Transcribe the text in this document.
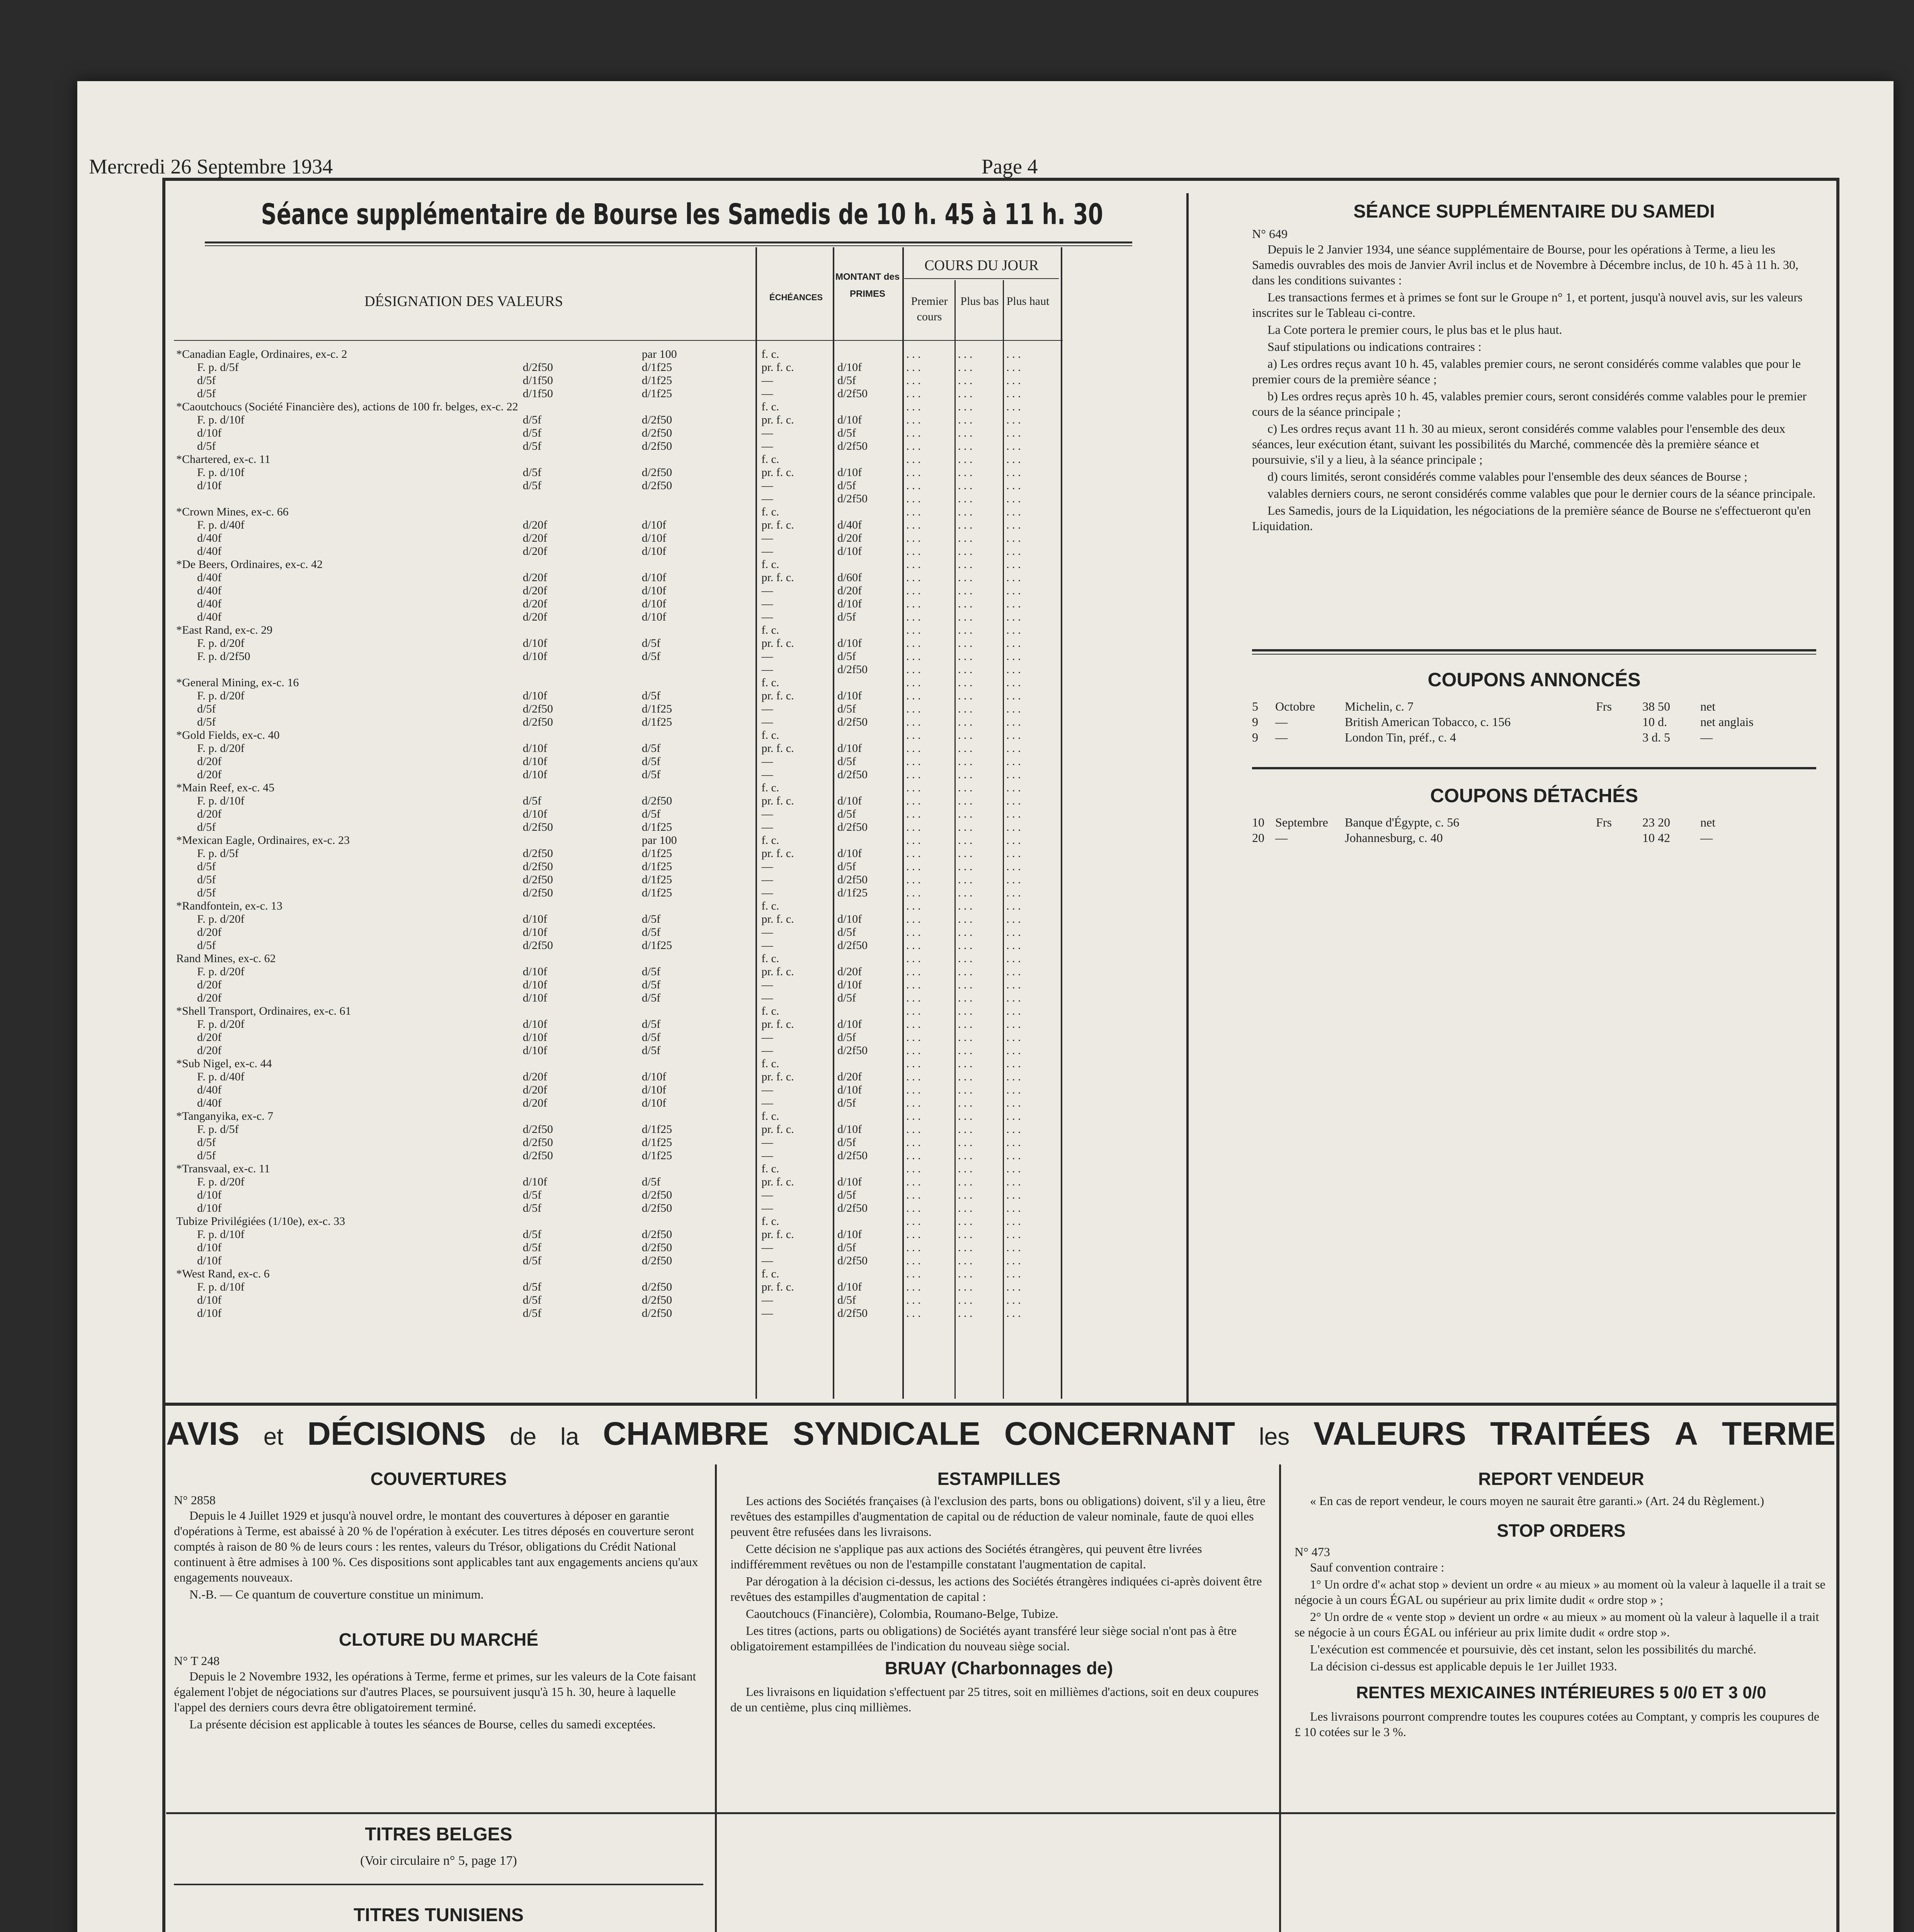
Mercredi 26 Septembre 1934	Page 4
Séance supplémentaire de Bourse les Samedis de 10 h. 45 à 11 h. 30
DÉSIGNATION DES VALEURS	ÉCHÉANCES
MONTANT des PRIMES
COURS DU JOUR
Premier cours
Plus bas Plus haut
*Canadian Eagle, Ordinaires, ex-c. 2		par 100	f. c.		. . .	. . .	. . .
F. p. d/5f	d/2f50	d/1f25	pr. f. c.	d/10f	. . .	. . .	. . .
d/5f	d/1f50	d/1f25	—	d/5f	. . .	. . .	. . .
d/5f	d/1f50	d/1f25	—	d/2f50	. . .	. . .	. . .
*Caoutchoucs (Société Financière des), actions de 100 fr. belges, ex-c. 22			f. c.		. . .	. . .	. . .
F. p. d/10f	d/5f	d/2f50	pr. f. c.	d/10f	. . .	. . .	. . .
d/10f	d/5f	d/2f50	—	d/5f	. . .	. . .	. . .
d/5f	d/5f	d/2f50	—	d/2f50	. . .	. . .	. . .
*Chartered, ex-c. 11			f. c.		. . .	. . .	. . .
F. p. d/10f	d/5f	d/2f50	pr. f. c.	d/10f	. . .	. . .	. . .
d/10f	d/5f	d/2f50	—	d/5f	. . .	. . .	. . .
			—	d/2f50	. . .	. . .	. . .
*Crown Mines, ex-c. 66			f. c.		. . .	. . .	. . .
F. p. d/40f	d/20f	d/10f	pr. f. c.	d/40f	. . .	. . .	. . .
d/40f	d/20f	d/10f	—	d/20f	. . .	. . .	. . .
d/40f	d/20f	d/10f	—	d/10f	. . .	. . .	. . .
*De Beers, Ordinaires, ex-c. 42			f. c.		. . .	. . .	. . .
d/40f	d/20f	d/10f	pr. f. c.	d/60f	. . .	. . .	. . .
d/40f	d/20f	d/10f	—	d/20f	. . .	. . .	. . .
d/40f	d/20f	d/10f	—	d/10f	. . .	. . .	. . .
d/40f	d/20f	d/10f	—	d/5f	. . .	. . .	. . .
*East Rand, ex-c. 29			f. c.		. . .	. . .	. . .
F. p. d/20f	d/10f	d/5f	pr. f. c.	d/10f	. . .	. . .	. . .
F. p. d/2f50	d/10f	d/5f	—	d/5f	. . .	. . .	. . .
			—	d/2f50	. . .	. . .	. . .
*General Mining, ex-c. 16			f. c.		. . .	. . .	. . .
F. p. d/20f	d/10f	d/5f	pr. f. c.	d/10f	. . .	. . .	. . .
d/5f	d/2f50	d/1f25	—	d/5f	. . .	. . .	. . .
d/5f	d/2f50	d/1f25	—	d/2f50	. . .	. . .	. . .
*Gold Fields, ex-c. 40			f. c.		. . .	. . .	. . .
F. p. d/20f	d/10f	d/5f	pr. f. c.	d/10f	. . .	. . .	. . .
d/20f	d/10f	d/5f	—	d/5f	. . .	. . .	. . .
d/20f	d/10f	d/5f	—	d/2f50	. . .	. . .	. . .
*Main Reef, ex-c. 45			f. c.		. . .	. . .	. . .
F. p. d/10f	d/5f	d/2f50	pr. f. c.	d/10f	. . .	. . .	. . .
d/20f	d/10f	d/5f	—	d/5f	. . .	. . .	. . .
d/5f	d/2f50	d/1f25	—	d/2f50	. . .	. . .	. . .
*Mexican Eagle, Ordinaires, ex-c. 23		par 100	f. c.		. . .	. . .	. . .
F. p. d/5f	d/2f50	d/1f25	pr. f. c.	d/10f	. . .	. . .	. . .
d/5f	d/2f50	d/1f25	—	d/5f	. . .	. . .	. . .
d/5f	d/2f50	d/1f25	—	d/2f50	. . .	. . .	. . .
d/5f	d/2f50	d/1f25	—	d/1f25	. . .	. . .	. . .
*Randfontein, ex-c. 13			f. c.		. . .	. . .	. . .
F. p. d/20f	d/10f	d/5f	pr. f. c.	d/10f	. . .	. . .	. . .
d/20f	d/10f	d/5f	—	d/5f	. . .	. . .	. . .
d/5f	d/2f50	d/1f25	—	d/2f50	. . .	. . .	. . .
Rand Mines, ex-c. 62			f. c.		. . .	. . .	. . .
F. p. d/20f	d/10f	d/5f	pr. f. c.	d/20f	. . .	. . .	. . .
d/20f	d/10f	d/5f	—	d/10f	. . .	. . .	. . .
d/20f	d/10f	d/5f	—	d/5f	. . .	. . .	. . .
*Shell Transport, Ordinaires, ex-c. 61			f. c.		. . .	. . .	. . .
F. p. d/20f	d/10f	d/5f	pr. f. c.	d/10f	. . .	. . .	. . .
d/20f	d/10f	d/5f	—	d/5f	. . .	. . .	. . .
d/20f	d/10f	d/5f	—	d/2f50	. . .	. . .	. . .
*Sub Nigel, ex-c. 44			f. c.		. . .	. . .	. . .
F. p. d/40f	d/20f	d/10f	pr. f. c.	d/20f	. . .	. . .	. . .
d/40f	d/20f	d/10f	—	d/10f	. . .	. . .	. . .
d/40f	d/20f	d/10f	—	d/5f	. . .	. . .	. . .
*Tanganyika, ex-c. 7			f. c.		. . .	. . .	. . .
F. p. d/5f	d/2f50	d/1f25	pr. f. c.	d/10f	. . .	. . .	. . .
d/5f	d/2f50	d/1f25	—	d/5f	. . .	. . .	. . .
d/5f	d/2f50	d/1f25	—	d/2f50	. . .	. . .	. . .
*Transvaal, ex-c. 11			f. c.		. . .	. . .	. . .
F. p. d/20f	d/10f	d/5f	pr. f. c.	d/10f	. . .	. . .	. . .
d/10f	d/5f	d/2f50	—	d/5f	. . .	. . .	. . .
d/10f	d/5f	d/2f50	—	d/2f50	. . .	. . .	. . .
Tubize Privilégiées (1/10e), ex-c. 33			f. c.		. . .	. . .	. . .
F. p. d/10f	d/5f	d/2f50	pr. f. c.	d/10f	. . .	. . .	. . .
d/10f	d/5f	d/2f50	—	d/5f	. . .	. . .	. . .
d/10f	d/5f	d/2f50	—	d/2f50	. . .	. . .	. . .
*West Rand, ex-c. 6			f. c.		. . .	. . .	. . .
F. p. d/10f	d/5f	d/2f50	pr. f. c.	d/10f	. . .	. . .	. . .
d/10f	d/5f	d/2f50	—	d/5f	. . .	. . .	. . .
d/10f	d/5f	d/2f50	—	d/2f50	. . .	. . .	. . .
SÉANCE SUPPLÉMENTAIRE DU SAMEDI
N° 649

Depuis le 2 Janvier 1934, une séance supplémentaire de Bourse, pour les opérations à Terme, a lieu les Samedis ouvrables des mois de Janvier Avril inclus et de Novembre à Décembre inclus, de 10 h. 45 à 11 h. 30, dans les conditions suivantes :

Les transactions fermes et à primes se font sur le Groupe n° 1, et portent, jusqu'à nouvel avis, sur les valeurs inscrites sur le Tableau ci-contre.

La Cote portera le premier cours, le plus bas et le plus haut.

Sauf stipulations ou indications contraires :

a) Les ordres reçus avant 10 h. 45, valables premier cours, ne seront considérés comme valables que pour le premier cours de la première séance ;

b) Les ordres reçus après 10 h. 45, valables premier cours, seront considérés comme valables pour le premier cours de la séance principale ;

c) Les ordres reçus avant 11 h. 30 au mieux, seront considérés comme valables pour l'ensemble des deux séances, leur exécution étant, suivant les possibilités du Marché, commencée dès la première séance et poursuivie, s'il y a lieu, à la séance principale ;

d) cours limités, seront considérés comme valables pour l'ensemble des deux séances de Bourse ;

valables derniers cours, ne seront considérés comme valables que pour le dernier cours de la séance principale.

Les Samedis, jours de la Liquidation, les négociations de la première séance de Bourse ne s'effectueront qu'en Liquidation.

COUPONS ANNONCÉS
5	Octobre	Michelin, c. 7	Frs	38 50	net
9	—	British American Tobacco, c. 156	10 d.	net anglais
9	—	London Tin, préf., c. 4	3 d. 5	—
COUPONS DÉTACHÉS
10 Septembre	Banque d'Égypte, c. 56	Frs	23 20	net
20 —	Johannesburg, c. 40	10 42	—
AVIS et DÉCISIONS de la CHAMBRE SYNDICALE CONCERNANT les VALEURS TRAITÉES A TERME
COUVERTURES
N° 2858

Depuis le 4 Juillet 1929 et jusqu'à nouvel ordre, le montant des couvertures à déposer en garantie d'opérations à Terme, est abaissé à 20 % de l'opération à exécuter. Les titres déposés en couverture seront comptés à raison de 80 % de leurs cours : les rentes, valeurs du Trésor, obligations du Crédit National continuent à être admises à 100 %. Ces dispositions sont applicables tant aux engagements anciens qu'aux engagements nouveaux.

N.-B. — Ce quantum de couverture constitue un minimum.

CLOTURE DU MARCHÉ
N° T 248

Depuis le 2 Novembre 1932, les opérations à Terme, ferme et primes, sur les valeurs de la Cote faisant également l'objet de négociations sur d'autres Places, se poursuivent jusqu'à 15 h. 30, heure à laquelle l'appel des derniers cours devra être obligatoirement terminé.

La présente décision est applicable à toutes les séances de Bourse, celles du samedi exceptées.

ESTAMPILLES

Les actions des Sociétés françaises (à l'exclusion des parts, bons ou obligations) doivent, s'il y a lieu, être revêtues des estampilles d'augmentation de capital ou de réduction de valeur nominale, faute de quoi elles peuvent être refusées dans les livraisons.

Cette décision ne s'applique pas aux actions des Sociétés étrangères, qui peuvent être livrées indifféremment revêtues ou non de l'estampille constatant l'augmentation de capital.

Par dérogation à la décision ci-dessus, les actions des Sociétés étrangères indiquées ci-après doivent être revêtues des estampilles d'augmentation de capital :

Caoutchoucs (Financière), Colombia, Roumano-Belge, Tubize.

Les titres (actions, parts ou obligations) de Sociétés ayant transféré leur siège social n'ont pas à être obligatoirement estampillées de l'indication du nouveau siège social.

BRUAY (Charbonnages de)

Les livraisons en liquidation s'effectuent par 25 titres, soit en millièmes d'actions, soit en deux coupures de un centième, plus cinq millièmes.

REPORT VENDEUR

« En cas de report vendeur, le cours moyen ne saurait être garanti.» (Art. 24 du Règlement.)

STOP ORDERS
N° 473

Sauf convention contraire :

1° Un ordre d'« achat stop » devient un ordre « au mieux » au moment où la valeur à laquelle il a trait se négocie à un cours ÉGAL ou supérieur au prix limite dudit « ordre stop » ;

2° Un ordre de « vente stop » devient un ordre « au mieux » au moment où la valeur à laquelle il a trait se négocie à un cours ÉGAL ou inférieur au prix limite dudit « ordre stop ».

L'exécution est commencée et poursuivie, dès cet instant, selon les possibilités du marché.

La décision ci-dessus est applicable depuis le 1er Juillet 1933.

RENTES MEXICAINES INTÉRIEURES 5 0/0 ET 3 0/0

Les livraisons pourront comprendre toutes les coupures cotées au Comptant, y compris les coupures de £ 10 cotées sur le 3 %.

TITRES BELGES
(Voir circulaire n° 5, page 17)
TITRES TUNISIENS
